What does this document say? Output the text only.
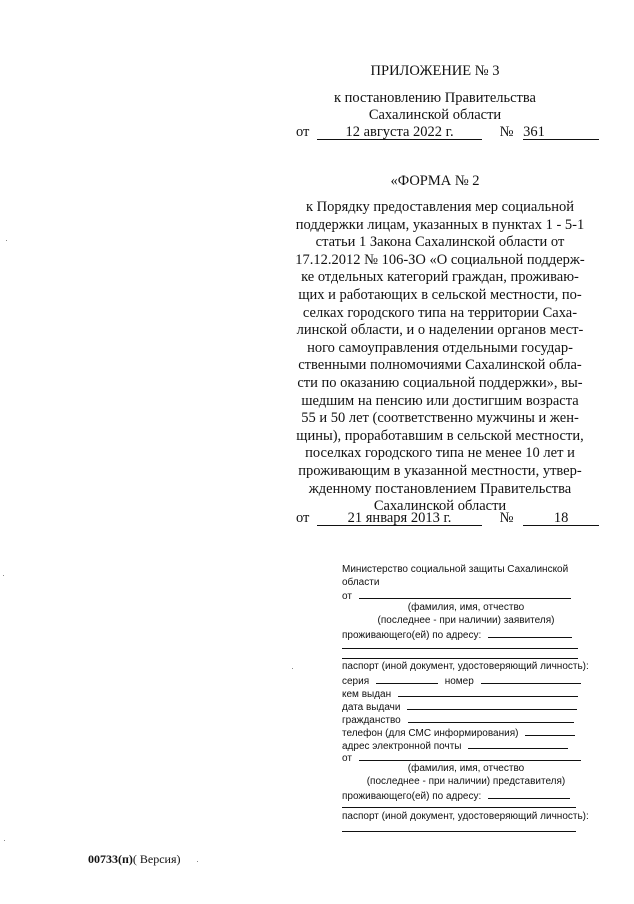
ПРИЛОЖЕНИЕ № 3
к постановлению Правительства
Сахалинской области
от 12 августа 2022 г.	№ 361
«ФОРМА № 2
к Порядку предоставления мер социальной
поддержки лицам, указанных в пунктах 1 - 5-1
статьи 1 Закона Сахалинской области от
17.12.2012 № 106-ЗО «О социальной поддерж-
ке отдельных категорий граждан, проживаю-
щих и работающих в сельской местности, по-
селках городского типа на территории Саха-
линской области, и о наделении органов мест-
ного самоуправления отдельными государ-
ственными полномочиями Сахалинской обла-
сти по оказанию социальной поддержки», вы-
шедшим на пенсию или достигшим возраста
55 и 50 лет (соответственно мужчины и жен-
щины), проработавшим в сельской местности,
поселках городского типа не менее 10 лет и
проживающим в указанной местности, утвер-
жденному постановлением Правительства
Сахалинской области
от	21 января 2013 г.	№	18
Министерство социальной защиты Сахалинской
области
от
(фамилия, имя, отчество
(последнее - при наличии) заявителя)
проживающего(ей) по адресу:
паспорт (иной документ, удостоверяющий личность):
серия	номер
кем выдан
дата выдачи
гражданство
телефон (для СМС информирования)
адрес электронной почты
от
(фамилия, имя, отчество
(последнее - при наличии) представителя)
проживающего(ей) по адресу:
паспорт (иной документ, удостоверяющий личность):
00733(п)( Версия)
